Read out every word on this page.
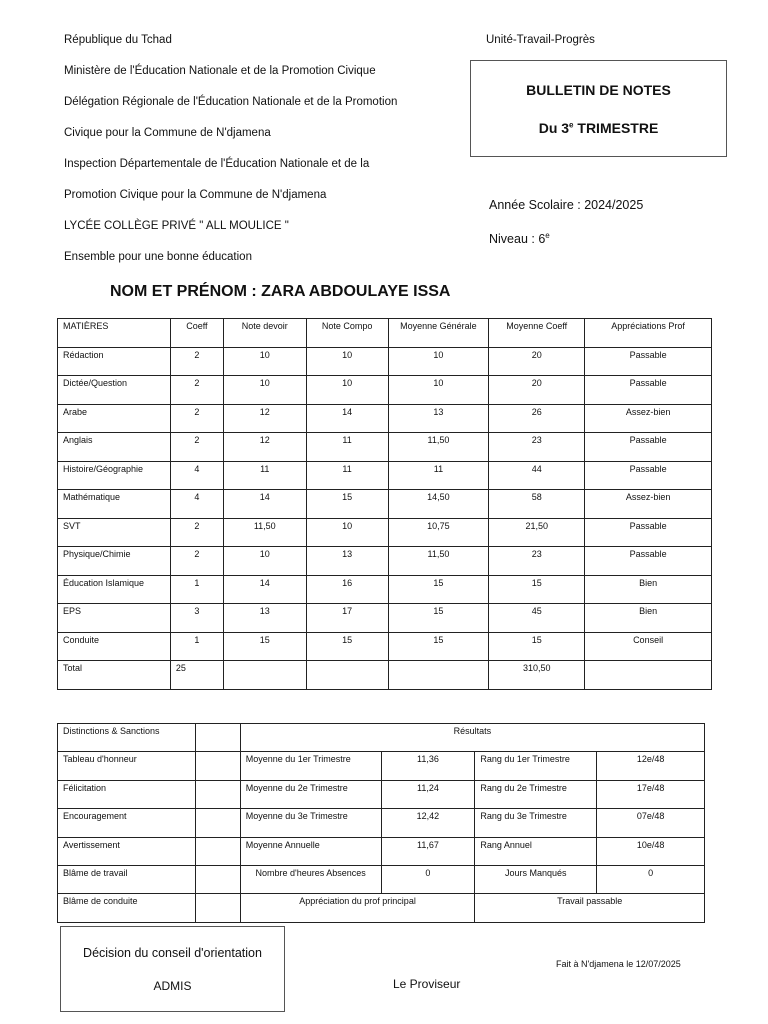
République du Tchad
Ministère de l'Éducation Nationale et de la Promotion Civique
Délégation Régionale de l'Éducation Nationale et de la Promotion
Civique pour la Commune de N'djamena
Inspection Départementale de l'Éducation Nationale et de la
Promotion Civique pour la Commune de N'djamena
LYCÉE COLLÈGE PRIVÉ " ALL MOULICE "
Ensemble pour une bonne éducation
Unité-Travail-Progrès
BULLETIN DE NOTES
Du 3e TRIMESTRE
Année Scolaire : 2024/2025
Niveau : 6e
NOM ET PRÉNOM : ZARA ABDOULAYE ISSA
MATIÈRES	Coeff	Note devoir	Note Compo	Moyenne Générale	Moyenne Coeff	Appréciations Prof
Rédaction	2	10	10	10	20	Passable
Dictée/Question	2	10	10	10	20	Passable
Arabe	2	12	14	13	26	Assez-bien
Anglais	2	12	11	11,50	23	Passable
Histoire/Géographie	4	11	11	11	44	Passable
Mathématique	4	14	15	14,50	58	Assez-bien
SVT	2	11,50	10	10,75	21,50	Passable
Physique/Chimie	2	10	13	11,50	23	Passable
Éducation Islamique	1	14	16	15	15	Bien
EPS	3	13	17	15	45	Bien
Conduite	1	15	15	15	15	Conseil
Total	25				310,50	
Distinctions & Sanctions		Résultats			
Tableau d'honneur		Moyenne du 1er Trimestre	11,36	Rang du 1er Trimestre	12e/48
Félicitation		Moyenne du 2e Trimestre	11,24	Rang du 2e Trimestre	17e/48
Encouragement		Moyenne du 3e Trimestre	12,42	Rang du 3e Trimestre	07e/48
Avertissement		Moyenne Annuelle	11,67	Rang Annuel	10e/48
Blâme de travail		Nombre d'heures Absences	0	Jours Manqués	0
Blâme de conduite		Appréciation du prof principal		Travail passable	
Décision du conseil d'orientation
ADMIS	Le Proviseur
Fait à N'djamena le 12/07/2025
